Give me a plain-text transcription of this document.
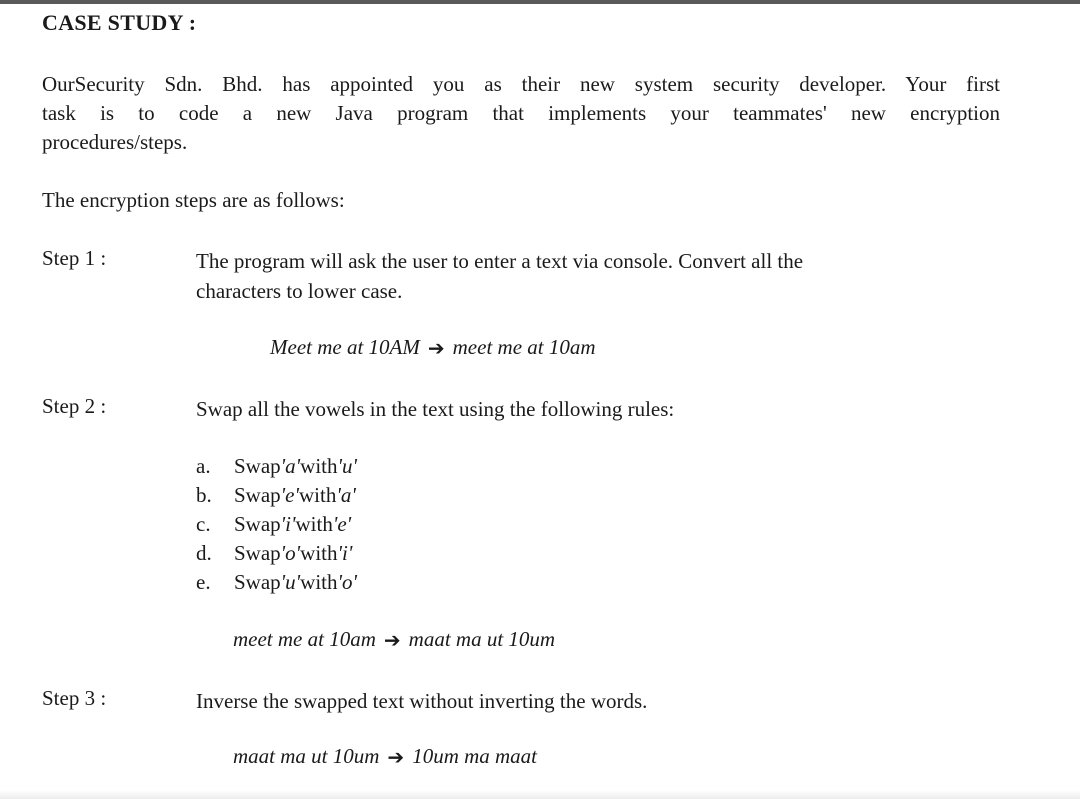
CASE STUDY :
OurSecurity Sdn. Bhd. has appointed you as their new system security developer. Your first
task is to code a new Java program that implements your teammates' new encryption
procedures/steps.
The encryption steps are as follows:
Step 1 :	The program will ask the user to enter a text via console. Convert all the
characters to lower case.
Meet me at 10AM ➔ meet me at 10am
Step 2 :	Swap all the vowels in the text using the following rules:
a.	Swap 'a' with 'u'
b.	Swap 'e' with 'a'
c.	Swap 'i' with 'e'
d.	Swap 'o' with 'i'
e.	Swap 'u' with 'o'
meet me at 10am ➔ maat ma ut 10um
Step 3 :	Inverse the swapped text without inverting the words.
maat ma ut 10um ➔ 10um ma maat
